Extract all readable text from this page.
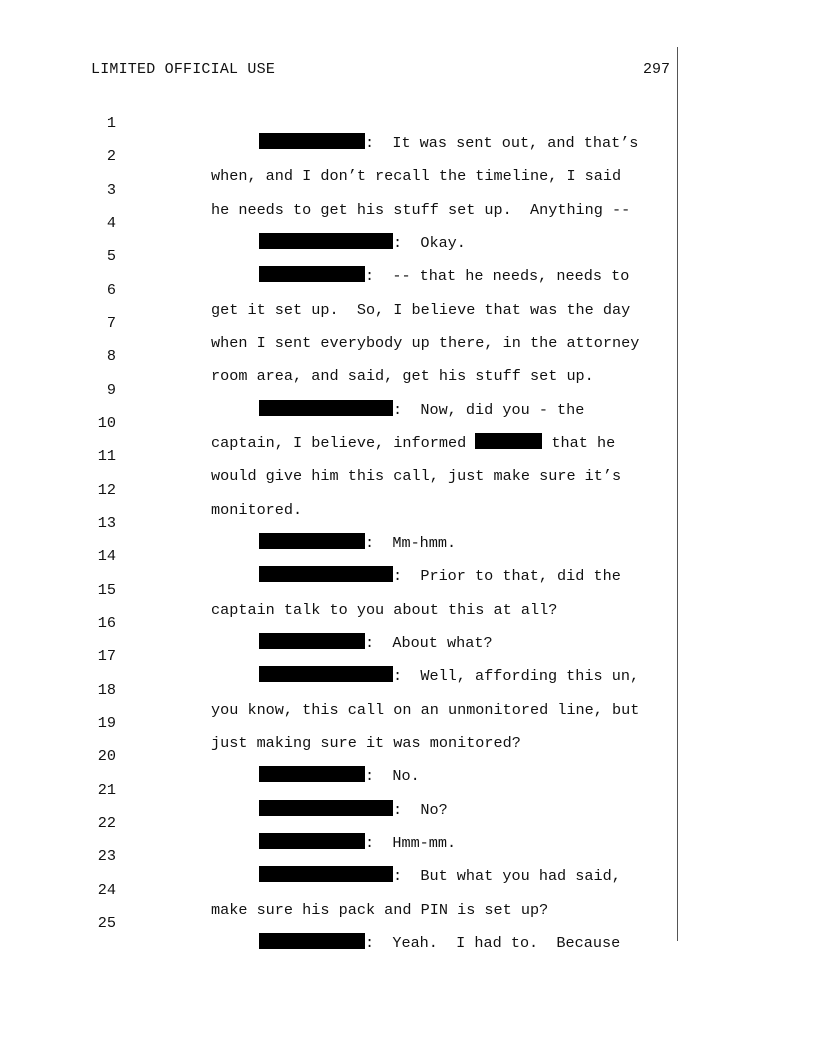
LIMITED OFFICIAL USE	297

1

:  It was sent out, and that’s

2

when, and I don’t recall the timeline, I said

3

he needs to get his stuff set up.  Anything --

4

:  Okay.

5

:  -- that he needs, needs to

6

get it set up.  So, I believe that was the day

7

when I sent everybody up there, in the attorney

8

room area, and said, get his stuff set up.

9

:  Now, did you - the

10

captain, I believe, informed	that he

11

would give him this call, just make sure it’s

12

monitored.

13

:  Mm-hmm.

14

:  Prior to that, did the

15

captain talk to you about this at all?

16

:  About what?

17

:  Well, affording this un,

18

you know, this call on an unmonitored line, but

19

just making sure it was monitored?

20

:  No.

21

:  No?

22

:  Hmm-mm.

23

:  But what you had said,

24

make sure his pack and PIN is set up?

25

:  Yeah.  I had to.  Because
